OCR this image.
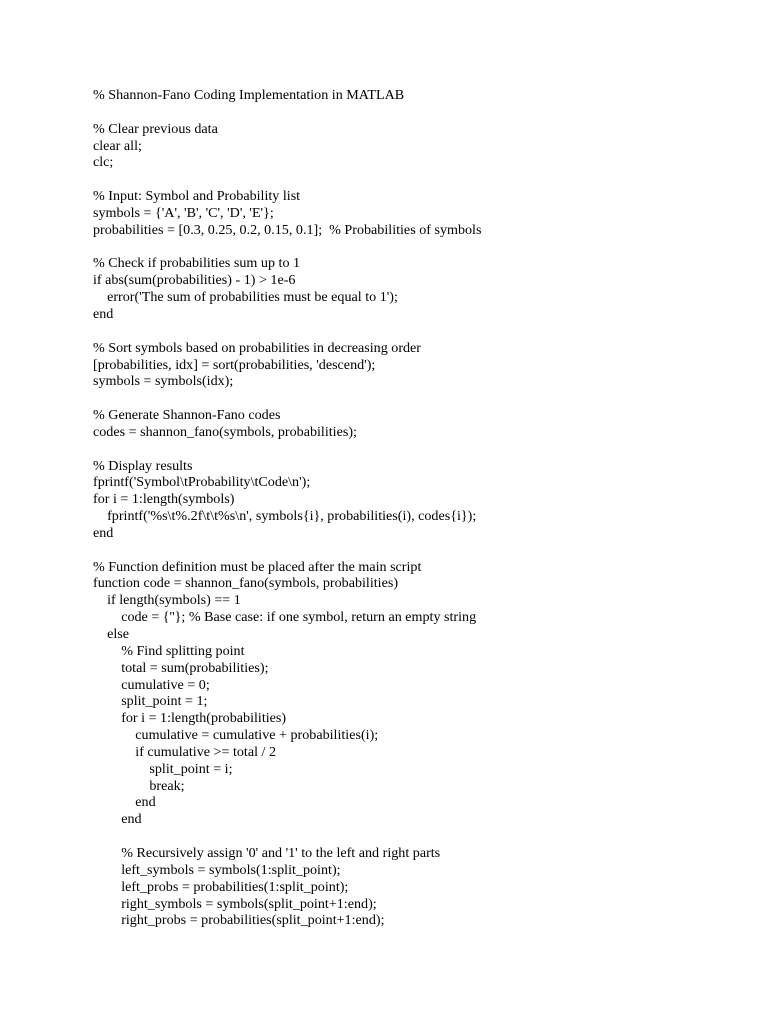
% Shannon-Fano Coding Implementation in MATLAB
% Clear previous data
clear all;
clc;
% Input: Symbol and Probability list
symbols = {'A', 'B', 'C', 'D', 'E'};
probabilities = [0.3, 0.25, 0.2, 0.15, 0.1];  % Probabilities of symbols
% Check if probabilities sum up to 1
if abs(sum(probabilities) - 1) > 1e-6
error('The sum of probabilities must be equal to 1');
end
% Sort symbols based on probabilities in decreasing order
[probabilities, idx] = sort(probabilities, 'descend');
symbols = symbols(idx);
% Generate Shannon-Fano codes
codes = shannon_fano(symbols, probabilities);
% Display results
fprintf('Symbol\tProbability\tCode\n');
for i = 1:length(symbols)
fprintf('%s\t%.2f\t\t%s\n', symbols{i}, probabilities(i), codes{i});
end
% Function definition must be placed after the main script
function code = shannon_fano(symbols, probabilities)
if length(symbols) == 1
code = {''}; % Base case: if one symbol, return an empty string
else
% Find splitting point
total = sum(probabilities);
cumulative = 0;
split_point = 1;
for i = 1:length(probabilities)
cumulative = cumulative + probabilities(i);
if cumulative >= total / 2
split_point = i;
break;
end
end
% Recursively assign '0' and '1' to the left and right parts
left_symbols = symbols(1:split_point);
left_probs = probabilities(1:split_point);
right_symbols = symbols(split_point+1:end);
right_probs = probabilities(split_point+1:end);
